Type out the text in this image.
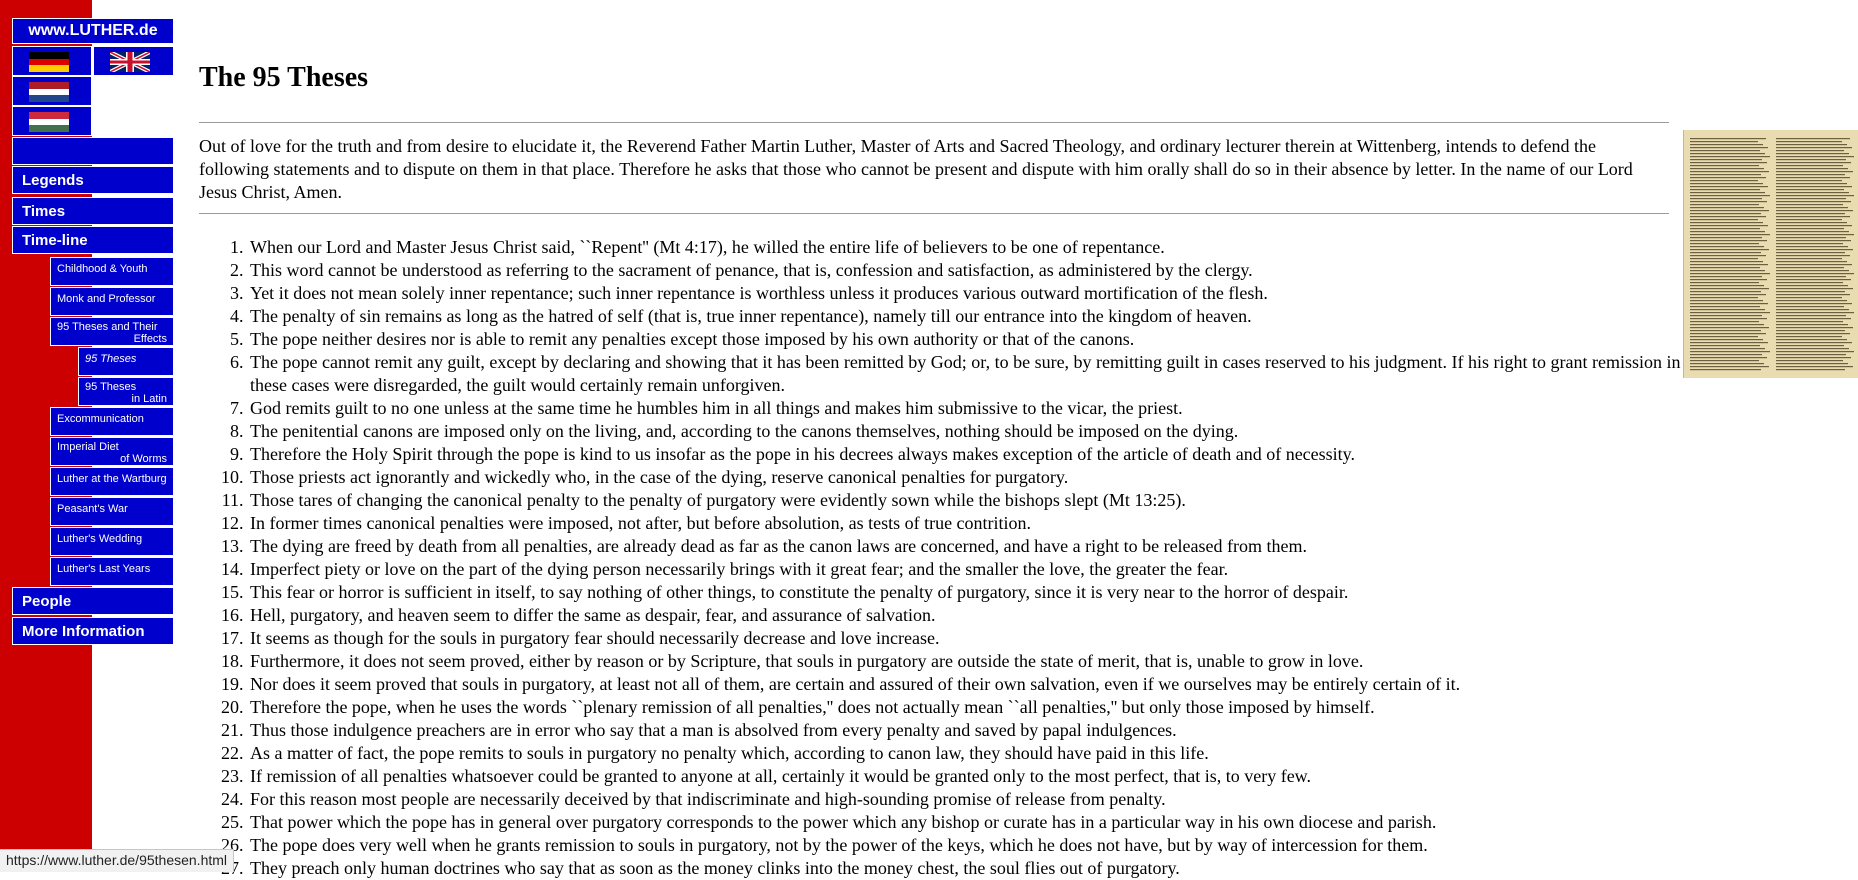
www.LUTHER.de
Legends
Times
Time-line
Childhood & Youth
Monk and Professor
95 Theses and Their
Effects
95 Theses
95 Theses
in Latin
Excommunication
Imperial Diet
of Worms
Luther at the Wartburg
Peasant's War
Luther's Wedding
Luther's Last Years
People
More Information
The 95 Theses

Out of love for the truth and from desire to elucidate it, the Reverend Father Martin Luther, Master of Arts and Sacred Theology, and ordinary lecturer therein at Wittenberg, intends to defend the following statements and to dispute on them in that place. Therefore he asks that those who cannot be present and dispute with him orally shall do so in their absence by letter. In the name of our Lord Jesus Christ, Amen.

1. When our Lord and Master Jesus Christ said, ``Repent'' (Mt 4:17), he willed the entire life of believers to be one of repentance.
2. This word cannot be understood as referring to the sacrament of penance, that is, confession and satisfaction, as administered by the clergy.
3. Yet it does not mean solely inner repentance; such inner repentance is worthless unless it produces various outward mortification of the flesh.
4. The penalty of sin remains as long as the hatred of self (that is, true inner repentance), namely till our entrance into the kingdom of heaven.
5. The pope neither desires nor is able to remit any penalties except those imposed by his own authority or that of the canons.
6. The pope cannot remit any guilt, except by declaring and showing that it has been remitted by God; or, to be sure, by remitting guilt in cases reserved to his judgment. If his right to grant remission in these cases were disregarded, the guilt would certainly remain unforgiven.
7. God remits guilt to no one unless at the same time he humbles him in all things and makes him submissive to the vicar, the priest.
8. The penitential canons are imposed only on the living, and, according to the canons themselves, nothing should be imposed on the dying.
9. Therefore the Holy Spirit through the pope is kind to us insofar as the pope in his decrees always makes exception of the article of death and of necessity.
10. Those priests act ignorantly and wickedly who, in the case of the dying, reserve canonical penalties for purgatory.
11. Those tares of changing the canonical penalty to the penalty of purgatory were evidently sown while the bishops slept (Mt 13:25).
12. In former times canonical penalties were imposed, not after, but before absolution, as tests of true contrition.
13. The dying are freed by death from all penalties, are already dead as far as the canon laws are concerned, and have a right to be released from them.
14. Imperfect piety or love on the part of the dying person necessarily brings with it great fear; and the smaller the love, the greater the fear.
15. This fear or horror is sufficient in itself, to say nothing of other things, to constitute the penalty of purgatory, since it is very near to the horror of despair.
16. Hell, purgatory, and heaven seem to differ the same as despair, fear, and assurance of salvation.
17. It seems as though for the souls in purgatory fear should necessarily decrease and love increase.
18. Furthermore, it does not seem proved, either by reason or by Scripture, that souls in purgatory are outside the state of merit, that is, unable to grow in love.
19. Nor does it seem proved that souls in purgatory, at least not all of them, are certain and assured of their own salvation, even if we ourselves may be entirely certain of it.
20. Therefore the pope, when he uses the words ``plenary remission of all penalties,'' does not actually mean ``all penalties,'' but only those imposed by himself.
21. Thus those indulgence preachers are in error who say that a man is absolved from every penalty and saved by papal indulgences.
22. As a matter of fact, the pope remits to souls in purgatory no penalty which, according to canon law, they should have paid in this life.
23. If remission of all penalties whatsoever could be granted to anyone at all, certainly it would be granted only to the most perfect, that is, to very few.
24. For this reason most people are necessarily deceived by that indiscriminate and high-sounding promise of release from penalty.
25. That power which the pope has in general over purgatory corresponds to the power which any bishop or curate has in a particular way in his own diocese and parish.
26. The pope does very well when he grants remission to souls in purgatory, not by the power of the keys, which he does not have, but by way of intercession for them.
27. They preach only human doctrines who say that as soon as the money clinks into the money chest, the soul flies out of purgatory.
https://www.luther.de/95thesen.html
